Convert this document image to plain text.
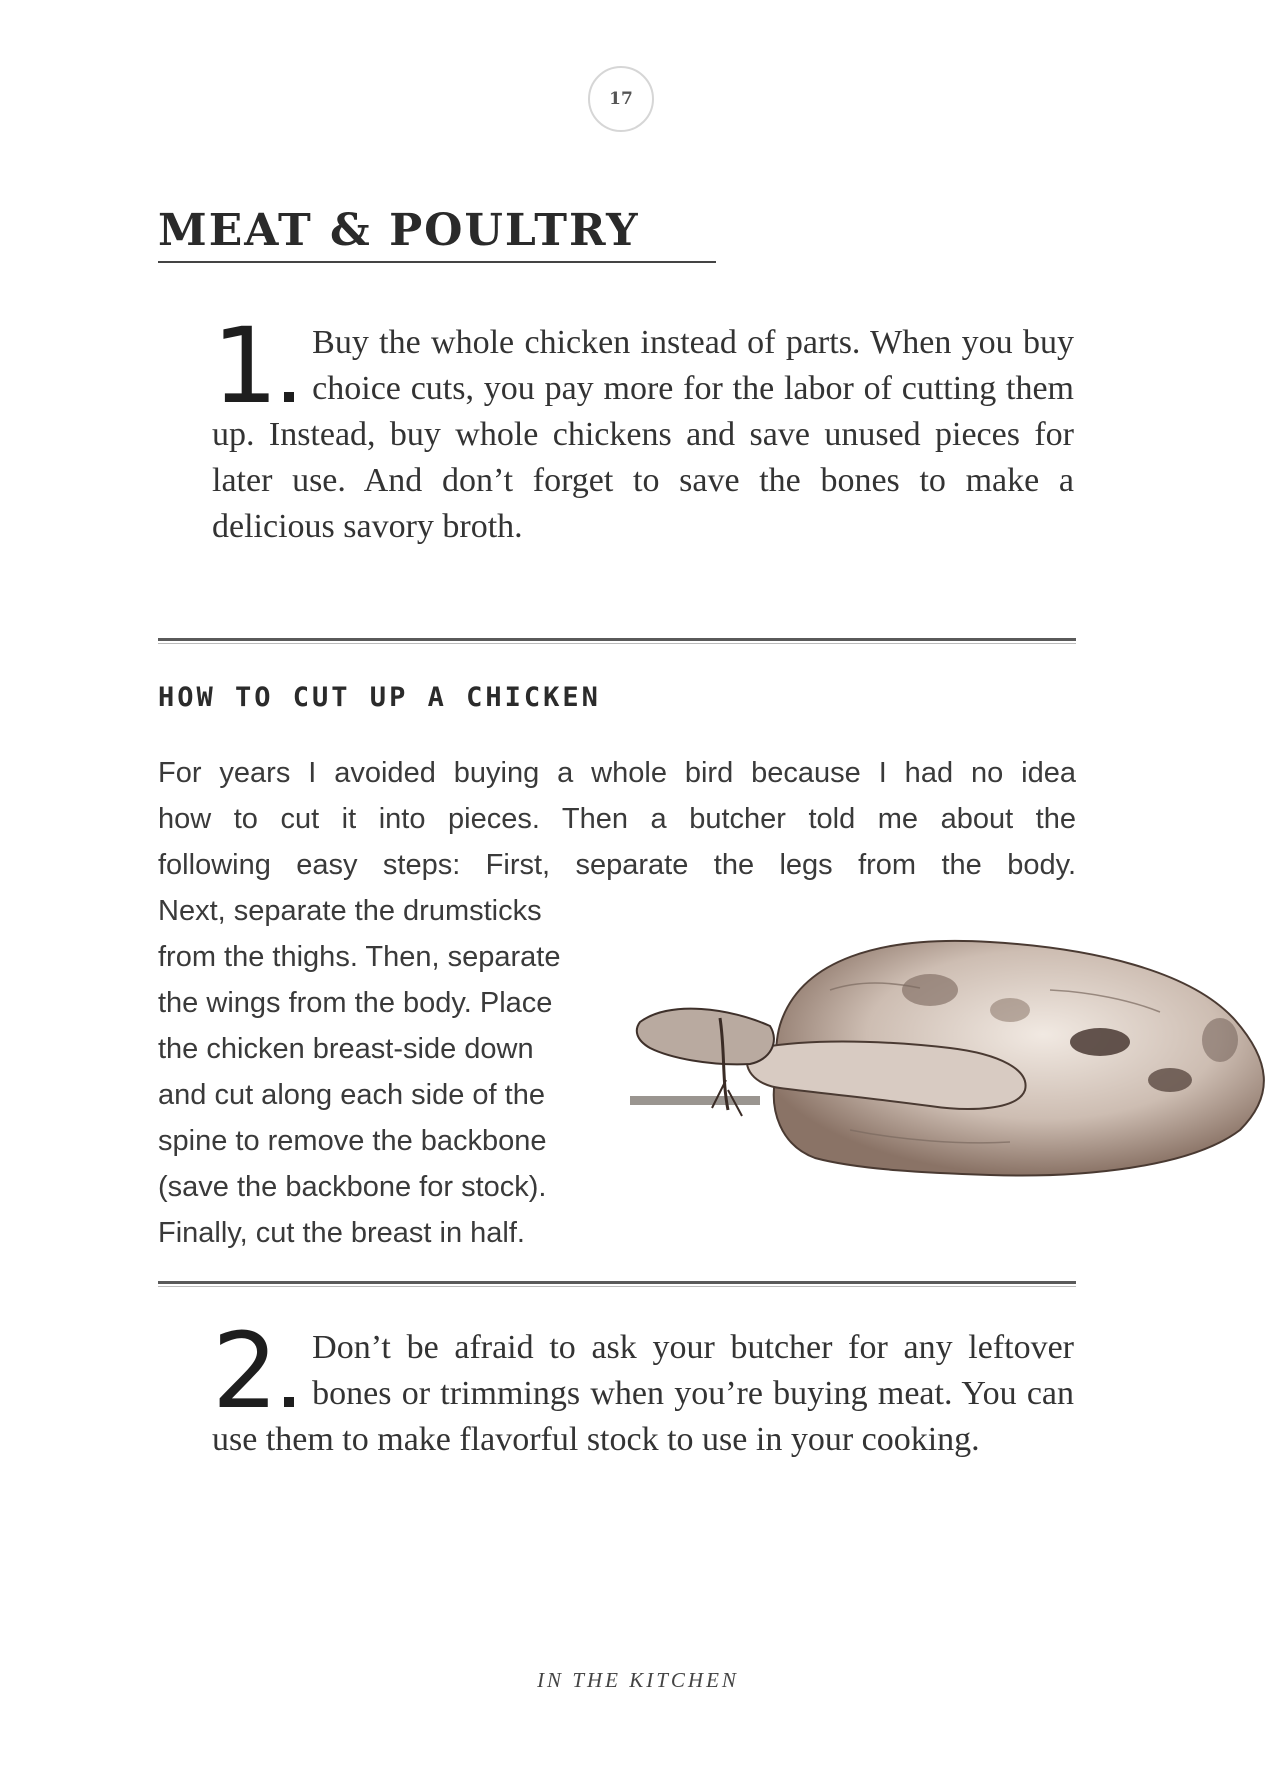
17
MEAT & POULTRY
1	Buy the whole chicken instead of parts. When you buy choice cuts, you pay more for the labor of cutting them up. Instead, buy whole chickens and save unused pieces for later use. And don’t forget to save the bones to make a delicious savory broth.
HOW TO CUT UP A CHICKEN
For years I avoided buying a whole bird because I had no idea
how to cut it into pieces. Then a butcher told me about the
following easy steps: First, separate the legs from the body.
Next, separate the drumsticks
from the thighs. Then, separate
the wings from the body. Place
the chicken breast-side down
and cut along each side of the
spine to remove the backbone
(save the backbone for stock).
Finally, cut the breast in half.
2	Don’t be afraid to ask your butcher for any leftover bones or trimmings when you’re buying meat. You can use them to make flavorful stock to use in your cooking.
IN THE KITCHEN
